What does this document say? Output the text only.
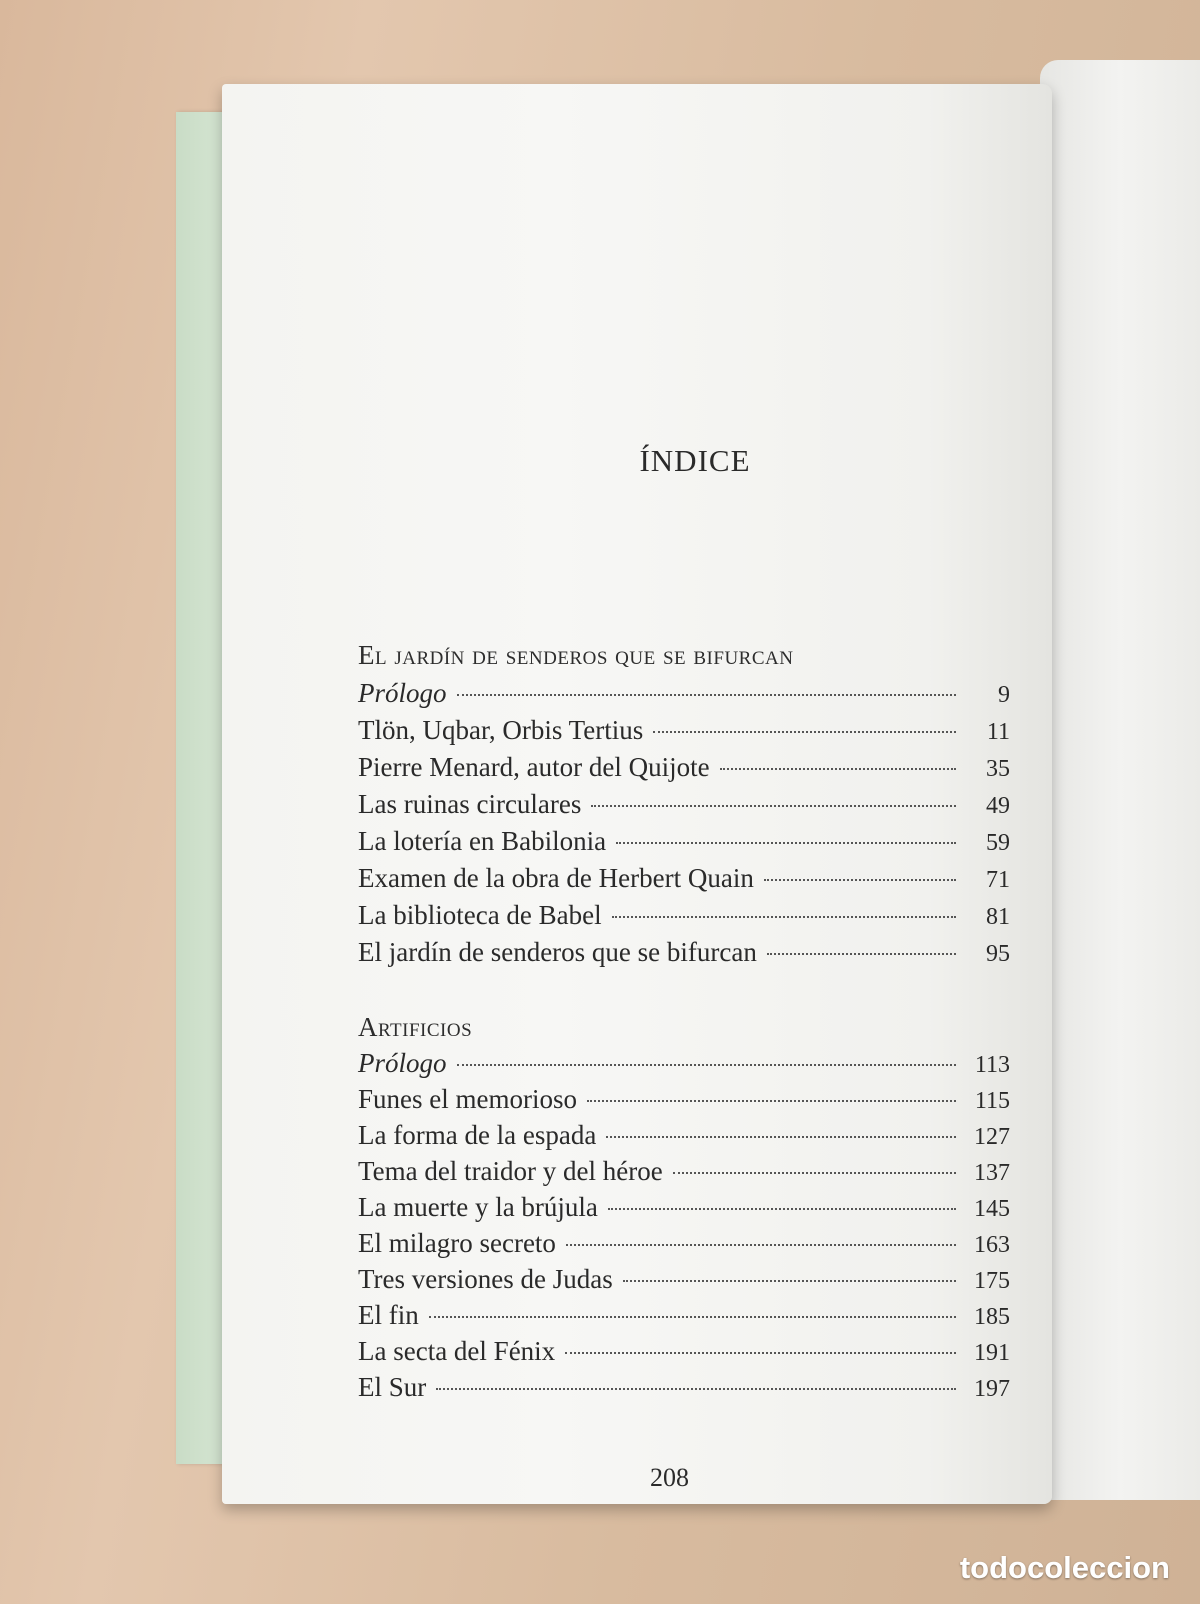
ÍNDICE
El jardín de senderos que se bifurcan
Prólogo	9
Tlön, Uqbar, Orbis Tertius	11
Pierre Menard, autor del Quijote	35
Las ruinas circulares	49
La lotería en Babilonia	59
Examen de la obra de Herbert Quain	71
La biblioteca de Babel	81
El jardín de senderos que se bifurcan	95
Artificios
Prólogo	113
Funes el memorioso	115
La forma de la espada	127
Tema del traidor y del héroe	137
La muerte y la brújula	145
El milagro secreto	163
Tres versiones de Judas	175
El fin	185
La secta del Fénix	191
El Sur	197
208
todocoleccion
